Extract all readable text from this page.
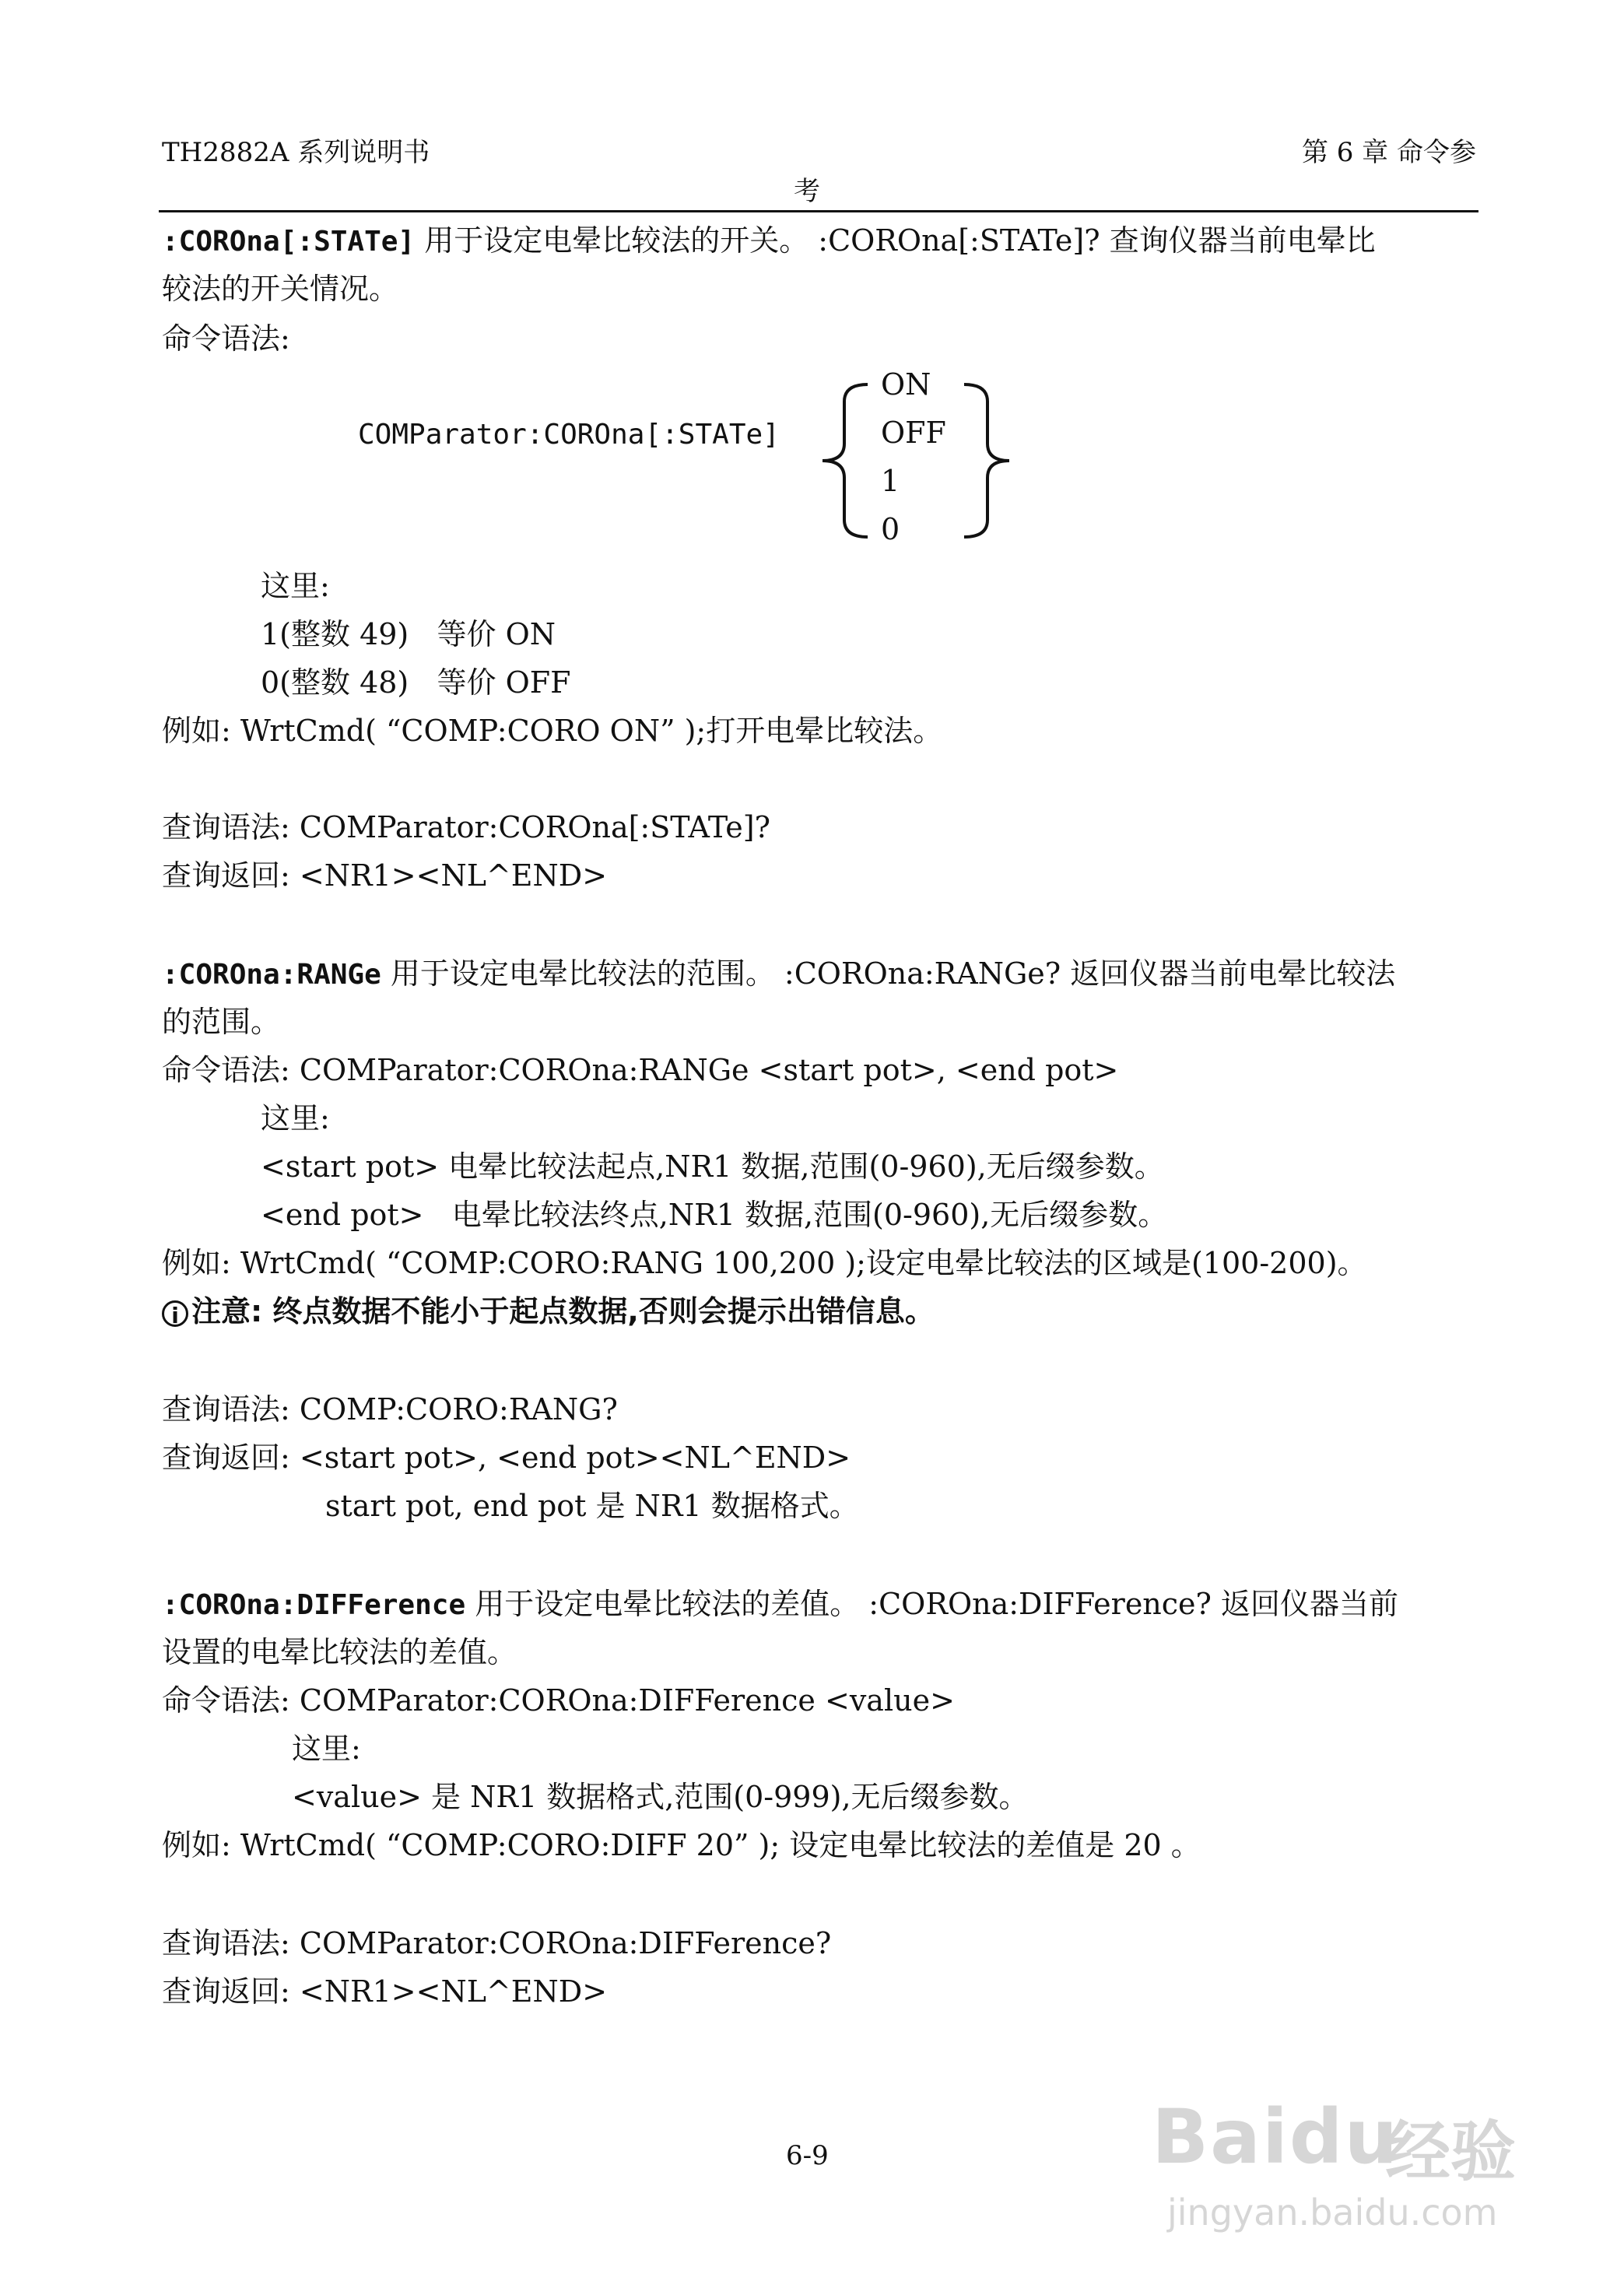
TH2882A 系列说明书	第 6 章 命令参
考
:COROna[:STATe] 用于设定电晕比较法的开关。 :COROna[:STATe]? 查询仪器当前电晕比
较法的开关情况。
命令语法:
COMParator:COROna[:STATe]
ON
OFF
1
0
这里:
1(整数 49)   等价 ON
0(整数 48)   等价 OFF
例如: WrtCmd( “COMP:CORO ON” );打开电晕比较法。
查询语法: COMParator:COROna[:STATe]?
查询返回: <NR1><NL^END>
:COROna:RANGe 用于设定电晕比较法的范围。 :COROna:RANGe? 返回仪器当前电晕比较法
的范围。
命令语法: COMParator:COROna:RANGe <start pot>, <end pot>
这里:
<start pot> 电晕比较法起点,NR1 数据,范围(0-960),无后缀参数。
<end pot>   电晕比较法终点,NR1 数据,范围(0-960),无后缀参数。
例如: WrtCmd( “COMP:CORO:RANG 100,200 );设定电晕比较法的区域是(100-200)。
i 注意: 终点数据不能小于起点数据,否则会提示出错信息。
查询语法: COMP:CORO:RANG?
查询返回: <start pot>, <end pot><NL^END>
start pot, end pot 是 NR1 数据格式。
:COROna:DIFFerence 用于设定电晕比较法的差值。 :COROna:DIFFerence? 返回仪器当前
设置的电晕比较法的差值。
命令语法: COMParator:COROna:DIFFerence <value>
这里:
<value> 是 NR1 数据格式,范围(0-999),无后缀参数。
例如: WrtCmd( “COMP:CORO:DIFF 20” ); 设定电晕比较法的差值是 20 。
查询语法: COMParator:COROna:DIFFerence?
查询返回: <NR1><NL^END>
6-9	Baidu
经验
jingyan.baidu.com
